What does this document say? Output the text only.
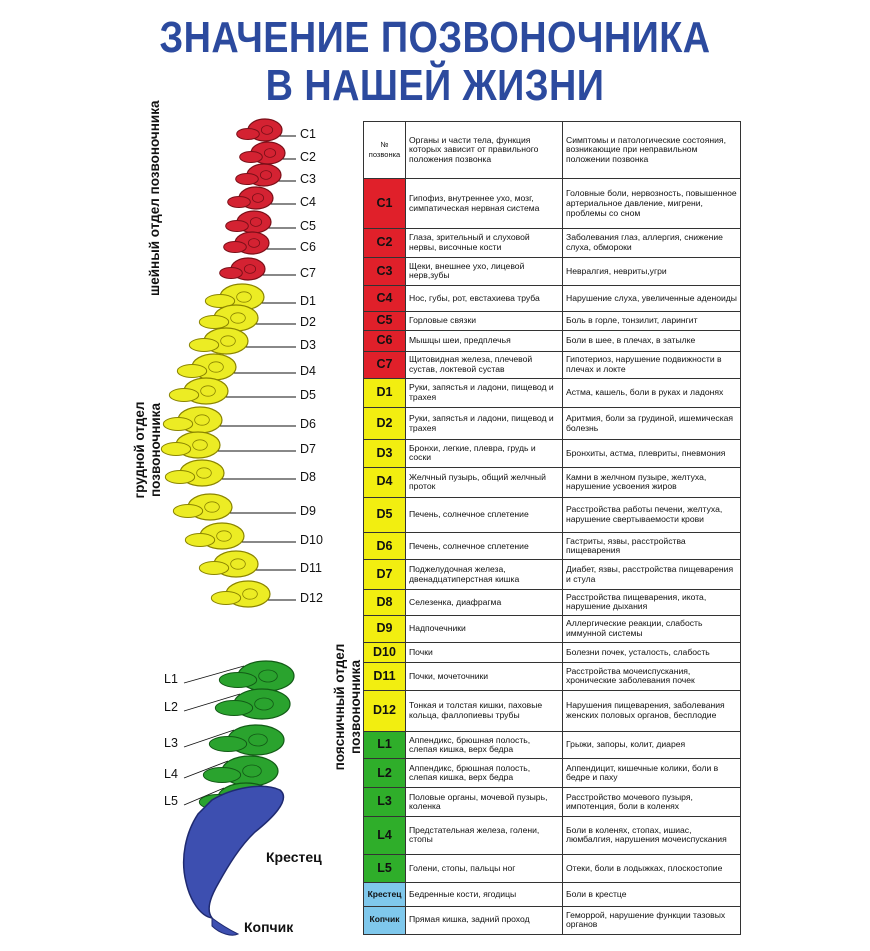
ЗНАЧЕНИЕ ПОЗВОНОЧНИКА
В НАШЕЙ ЖИЗНИ
C1
C2
C3
C4
C5
C6
C7
D1
D2
D3
D4
D5
D6
D7
D8
D9
D10
D11
D12
L1
L2
L3
L4
L5
шейный отдел позвоночника
грудной отдел позвоночника
поясничный отдел позвоночника
Крестец
Копчик
№ позвонка	Органы и части тела, функция которых зависит от правильного положения позвонка	Симптомы и патологические состояния, возникающие при неправильном положении позвонка
C1	Гипофиз, внутреннее ухо, мозг, симпатическая нервная система	Головные боли, нервозность, повышенное артериальное давление, мигрени, проблемы со сном
C2	Глаза, зрительный и слуховой нервы, височные кости	Заболевания глаз, аллергия, снижение слуха, обмороки
C3	Щеки, внешнее ухо, лицевой нерв,зубы	Невралгия, невриты,угри
C4	Нос, губы, рот, евстахиева труба	Нарушение слуха, увеличенные аденоиды
C5	Горловые связки	Боль в горле, тонзилит, ларингит
C6	Мышцы шеи, предплечья	Боли в шее, в плечах, в затылке
C7	Щитовидная железа, плечевой сустав, локтевой сустав	Гипотериоз, нарушение подвижности в плечах и локте
D1	Руки, запястья и ладони, пищевод и трахея	Астма, кашель, боли в руках и ладонях
D2	Руки, запястья и ладони, пищевод и трахея	Аритмия, боли за грудиной, ишемическая болезнь
D3	Бронхи, легкие, плевра, грудь и соски	Бронхиты, астма, плевриты, пневмония
D4	Желчный пузырь, общий желчный проток	Камни в желчном пузыре, желтуха, нарушение усвоения жиров
D5	Печень, солнечное сплетение	Расстройства работы печени, желтуха, нарушение свертываемости крови
D6	Печень, солнечное сплетение	Гастриты, язвы, расстройства пищеварения
D7	Поджелудочная железа, двенадцатиперстная кишка	Диабет, язвы, расстройства пищеварения и стула
D8	Селезенка, диафрагма	Расстройства пищеварения, икота, нарушение дыхания
D9	Надпочечники	Аллергические реакции, слабость иммунной системы
D10	Почки	Болезни почек, усталость, слабость
D11	Почки, мочеточники	Расстройства мочеиспускания, хронические заболевания почек
D12	Тонкая и толстая кишки, паховые кольца, фаллопиевы трубы	Нарушения пищеварения, заболевания женских половых органов, бесплодие
L1	Аппендикс, брюшная полость, слепая кишка, верх бедра	Грыжи, запоры, колит, диарея
L2	Аппендикс, брюшная полость, слепая кишка, верх бедра	Аппендицит, кишечные колики, боли в бедре и паху
L3	Половые органы, мочевой пузырь, коленка	Расстройство мочевого пузыря, импотенция, боли в коленях
L4	Предстательная железа, голени, стопы	Боли в коленях, стопах, ишиас, люмбалгия, нарушения мочеиспускания
L5	Голени, стопы, пальцы ног	Отеки, боли в лодыжках, плоскостопие
Крестец	Бедренные кости, ягодицы	Боли в крестце
Копчик	Прямая кишка, задний проход	Геморрой, нарушение функции тазовых органов
